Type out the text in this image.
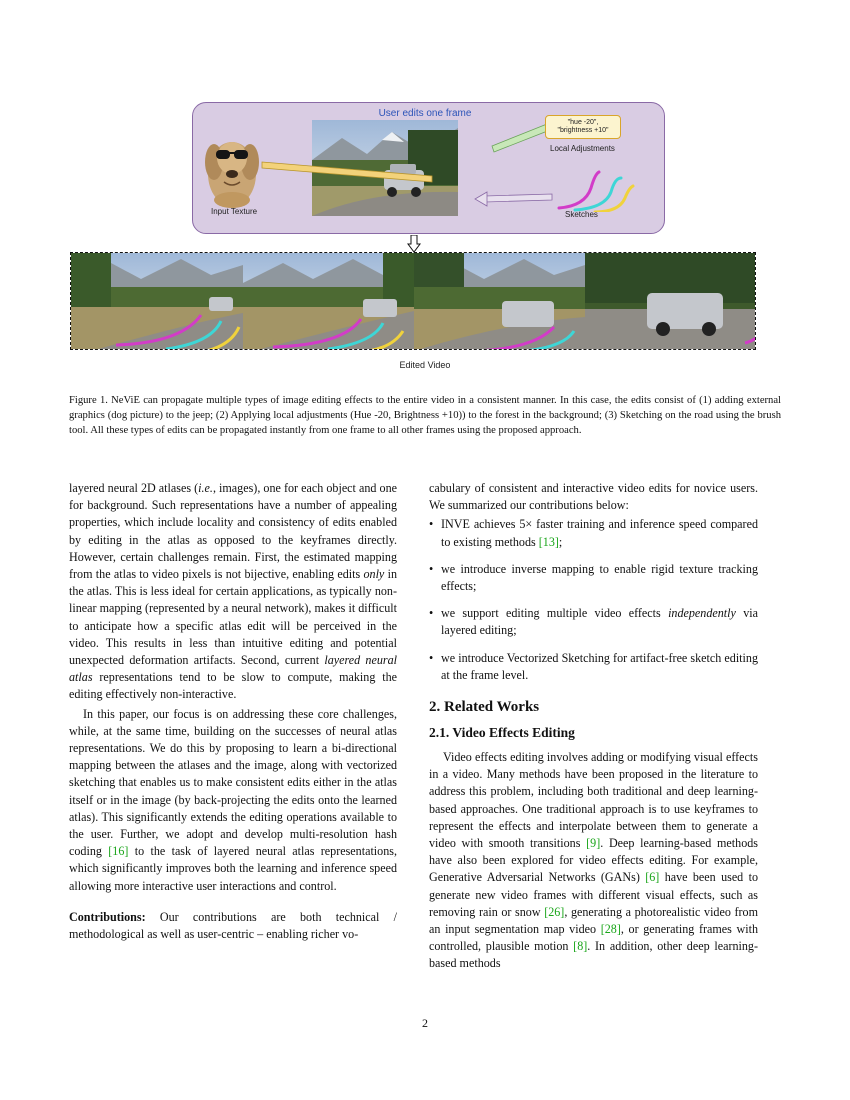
User edits one frame
"hue -20",
"brightness +10"
Local Adjustments
Sketches
Input Texture
Edited Video
Figure 1. NeViE can propagate multiple types of image editing effects to the entire video in a consistent manner. In this case, the edits consist of (1) adding external graphics (dog picture) to the jeep; (2) Applying local adjustments (Hue -20, Brightness +10)) to the forest in the background; (3) Sketching on the road using the brush tool. All these types of edits can be propagated instantly from one frame to all other frames using the proposed approach.

layered neural 2D atlases (i.e., images), one for each object and one for background. Such representations have a number of appealing properties, which include locality and consistency of edits enabled by editing in the atlas as opposed to the keyframes directly. However, certain challenges remain. First, the estimated mapping from the atlas to video pixels is not bijective, enabling edits only in the atlas. This is less ideal for certain applications, as typically non-linear mapping (represented by a neural network), makes it difficult to anticipate how a specific atlas edit will be perceived in the video. This results in less than intuitive editing and potential unexpected deformation artifacts. Second, current layered neural atlas representations tend to be slow to compute, making the editing effectively non-interactive.

In this paper, our focus is on addressing these core challenges, while, at the same time, building on the successes of neural atlas representations. We do this by proposing to learn a bi-directional mapping between the atlases and the image, along with vectorized sketching that enables us to make consistent edits either in the atlas itself or in the image (by back-projecting the edits onto the learned atlas). This significantly extends the editing operations available to the user. Further, we adopt and develop multi-resolution hash coding [16] to the task of layered neural atlas representations, which significantly improves both the learning and inference speed allowing more interactive user interactions and control.

Contributions: Our contributions are both technical / methodological as well as user-centric – enabling richer vo-

cabulary of consistent and interactive video edits for novice users. We summarized our contributions below:

• INVE achieves 5× faster training and inference speed compared to existing methods [13];
• we introduce inverse mapping to enable rigid texture tracking effects;
• we support editing multiple video effects independently via layered editing;
• we introduce Vectorized Sketching for artifact-free sketch editing at the frame level.
2. Related Works
2.1. Video Effects Editing

Video effects editing involves adding or modifying visual effects in a video. Many methods have been proposed in the literature to address this problem, including both traditional and deep learning-based approaches. One traditional approach is to use keyframes to represent the effects and interpolate between them to generate a video with smooth transitions [9]. Deep learning-based methods have also been explored for video effects editing. For example, Generative Adversarial Networks (GANs) [6] have been used to generate new video frames with different visual effects, such as removing rain or snow [26], generating a photorealistic video from an input segmentation map video [28], or generating frames with controlled, plausible motion [8]. In addition, other deep learning-based methods

2
